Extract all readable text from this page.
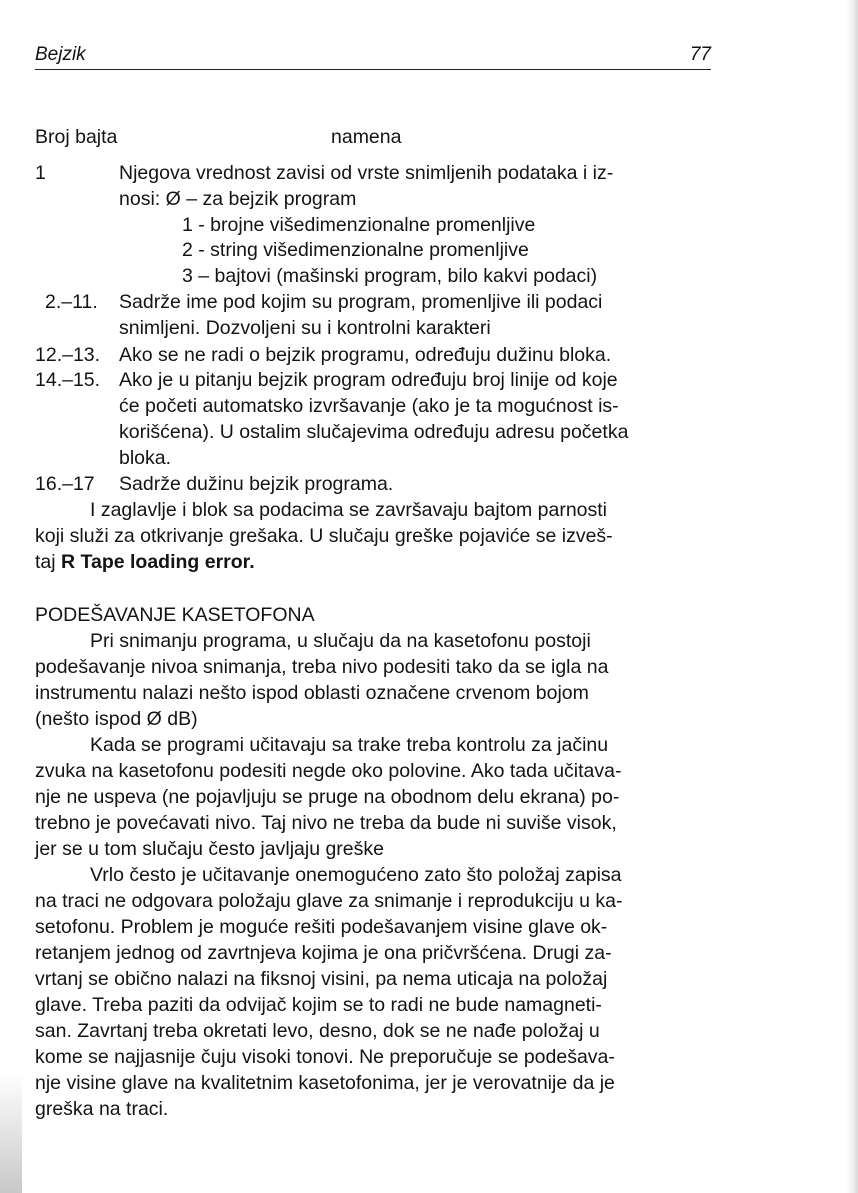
Bejzik	77
Broj bajta	namena
1	Njegova vrednost zavisi od vrste snimljenih podataka i iz-
nosi: Ø – za bejzik program
1 - brojne višedimenzionalne promenljive
2 - string višedimenzionalne promenljive
3 – bajtovi (mašinski program, bilo kakvi podaci)
2.–11. Sadrže ime pod kojim su program, promenljive ili podaci
snimljeni. Dozvoljeni su i kontrolni karakteri
12.–13. Ako se ne radi o bejzik programu, određuju dužinu bloka.
14.–15. Ako je u pitanju bejzik program određuju broj linije od koje
će početi automatsko izvršavanje (ako je ta mogućnost is-
korišćena). U ostalim slučajevima određuju adresu početka
bloka.
16.–17 Sadrže dužinu bejzik programa.
I zaglavlje i blok sa podacima se završavaju bajtom parnosti
koji služi za otkrivanje grešaka. U slučaju greške pojaviće se izveš-
taj R Tape loading error.
PODEŠAVANJE KASETOFONA
Pri snimanju programa, u slučaju da na kasetofonu postoji
podešavanje nivoa snimanja, treba nivo podesiti tako da se igla na
instrumentu nalazi nešto ispod oblasti označene crvenom bojom
(nešto ispod Ø dB)
Kada se programi učitavaju sa trake treba kontrolu za jačinu
zvuka na kasetofonu podesiti negde oko polovine. Ako tada učitava-
nje ne uspeva (ne pojavljuju se pruge na obodnom delu ekrana) po-
trebno je povećavati nivo. Taj nivo ne treba da bude ni suviše visok,
jer se u tom slučaju često javljaju greške
Vrlo često je učitavanje onemogućeno zato što položaj zapisa
na traci ne odgovara položaju glave za snimanje i reprodukciju u ka-
setofonu. Problem je moguće rešiti podešavanjem visine glave ok-
retanjem jednog od zavrtnjeva kojima je ona pričvršćena. Drugi za-
vrtanj se obično nalazi na fiksnoj visini, pa nema uticaja na položaj
glave. Treba paziti da odvijač kojim se to radi ne bude namagneti-
san. Zavrtanj treba okretati levo, desno, dok se ne nađe položaj u
kome se najjasnije čuju visoki tonovi. Ne preporučuje se podešava-
nje visine glave na kvalitetnim kasetofonima, jer je verovatnije da je
greška na traci.
